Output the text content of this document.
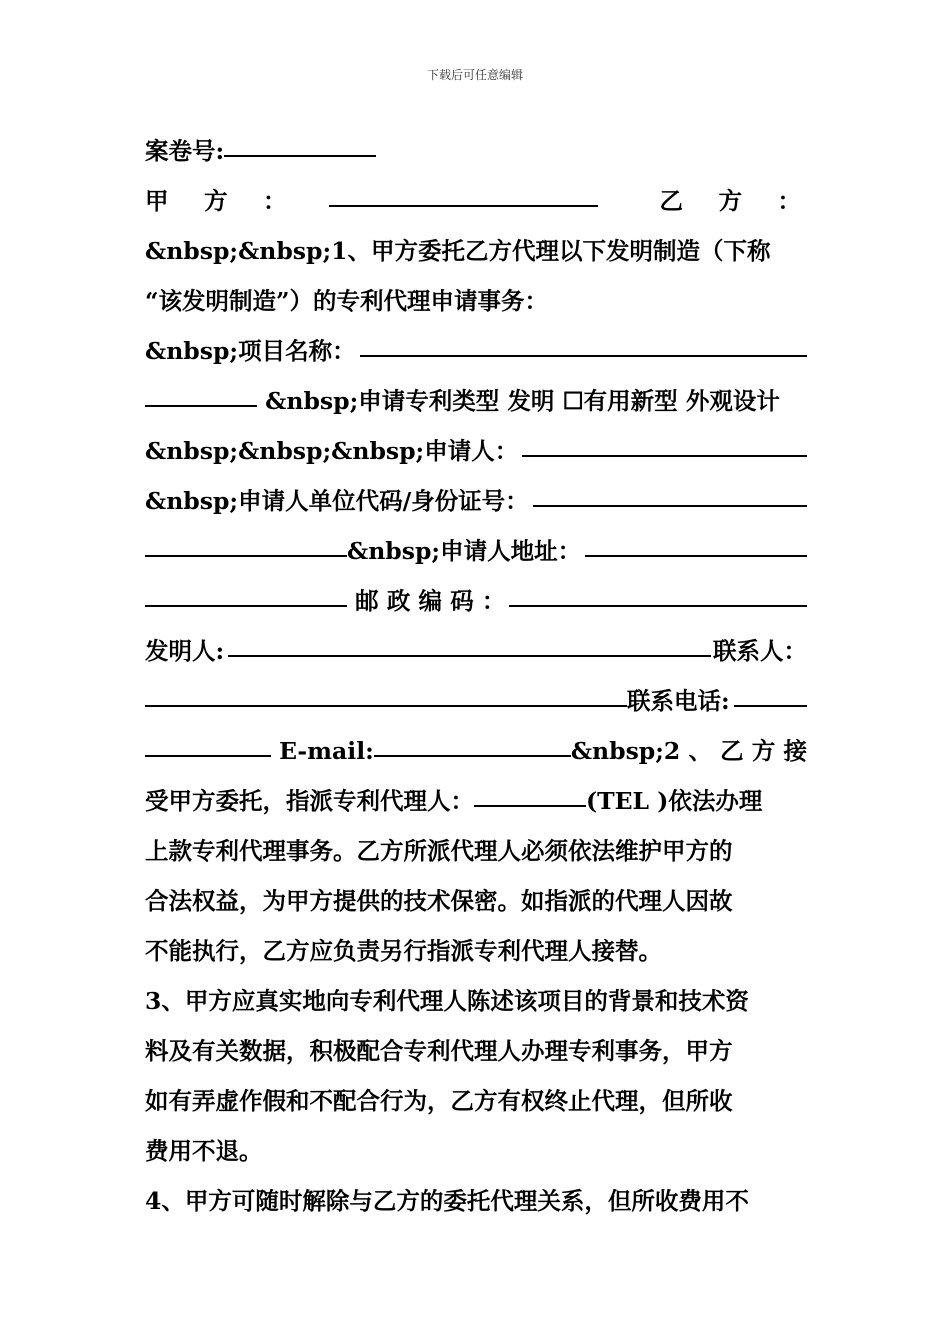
下载后可任意编辑
案卷号:
甲　方　：	乙　方　：
&nbsp;&nbsp;1、甲方委托乙方代理以下发明制造（下称
“该发明制造”）的专利代理申请事务：
&nbsp;项目名称：
&nbsp;申请专利类型 发明 ☐有用新型 外观设计
&nbsp;&nbsp;&nbsp;申请人：
&nbsp;申请人单位代码/身份证号：
&nbsp;申请人地址：
邮 政 编 码 ：
发明人:	联系人：
联系电话:
E-mail:	&nbsp;2 、 乙 方 接
受甲方委托，指派专利代理人：	(TEL )依法办理
上款专利代理事务。乙方所派代理人必须依法维护甲方的
合法权益，为甲方提供的技术保密。如指派的代理人因故
不能执行，乙方应负责另行指派专利代理人接替。
3、甲方应真实地向专利代理人陈述该项目的背景和技术资
料及有关数据，积极配合专利代理人办理专利事务，甲方
如有弄虚作假和不配合行为，乙方有权终止代理，但所收
费用不退。
4、甲方可随时解除与乙方的委托代理关系，但所收费用不
